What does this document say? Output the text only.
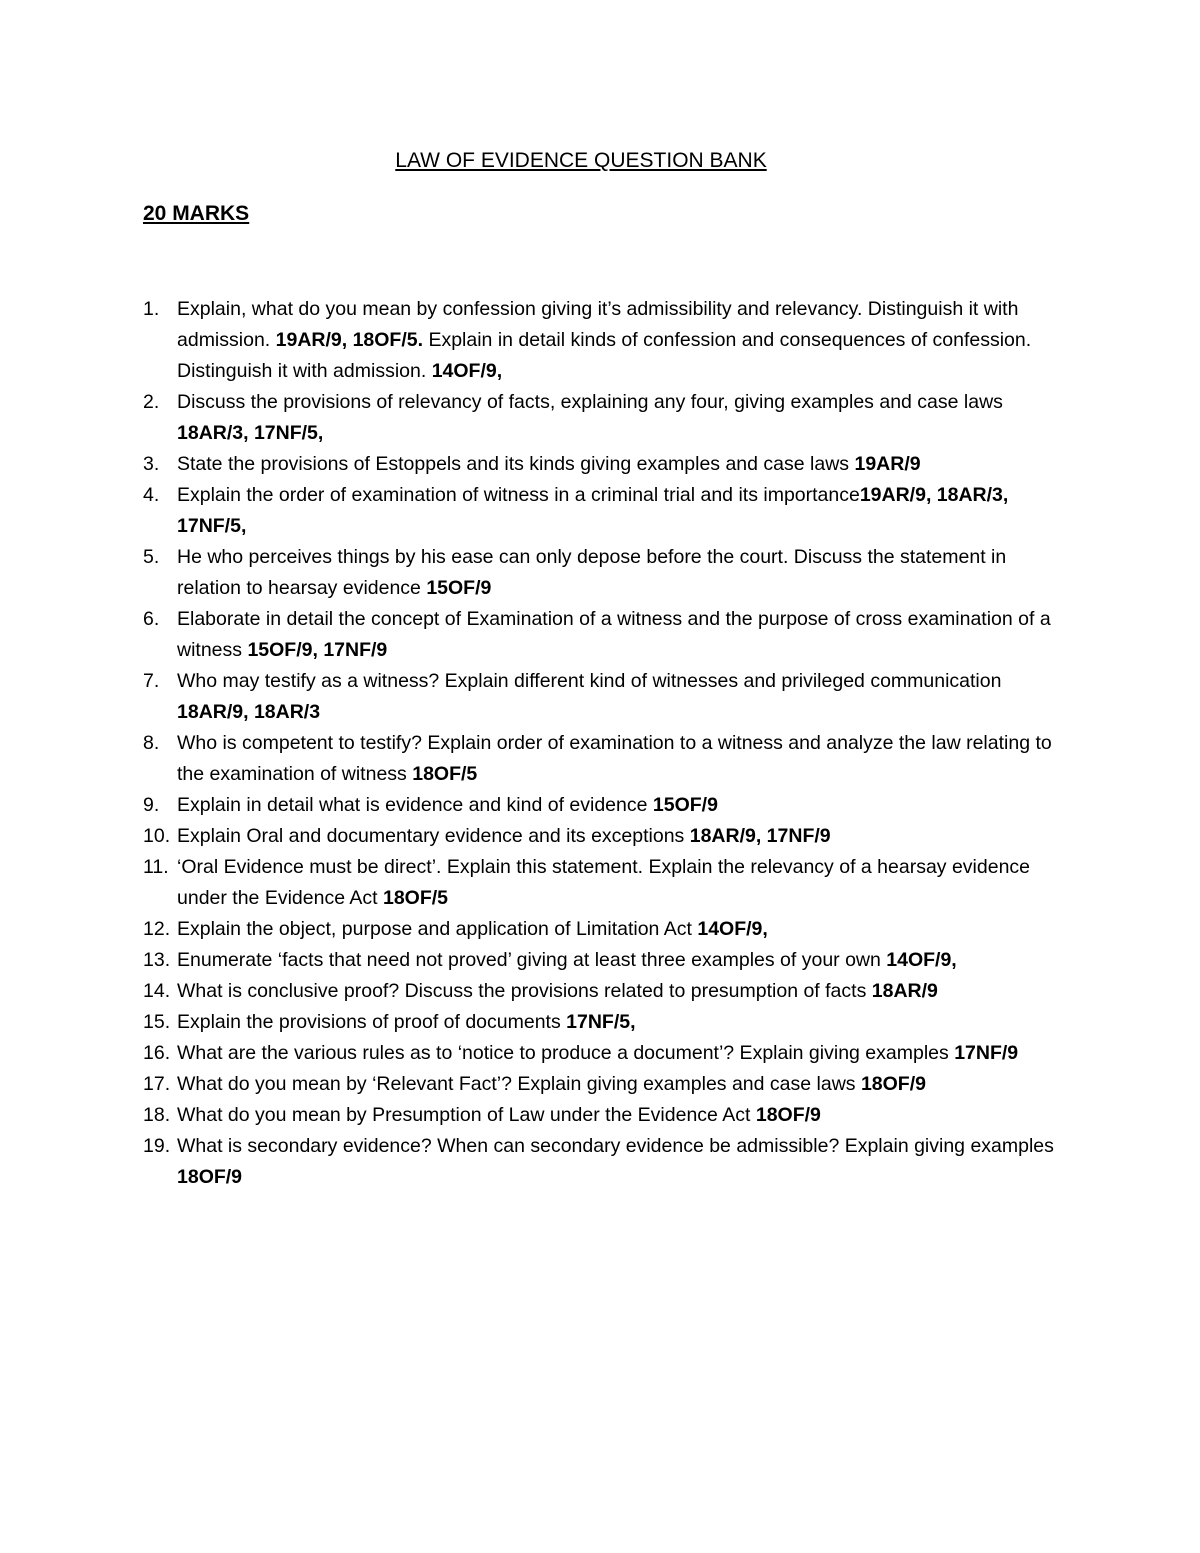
LAW OF EVIDENCE QUESTION BANK
20 MARKS
1. Explain, what do you mean by confession giving it’s admissibility and relevancy. Distinguish it with admission. 19AR/9, 18OF/5. Explain in detail kinds of confession and consequences of confession. Distinguish it with admission. 14OF/9,
2. Discuss the provisions of relevancy of facts, explaining any four, giving examples and case laws 18AR/3, 17NF/5,
3. State the provisions of Estoppels and its kinds giving examples and case laws 19AR/9
4. Explain the order of examination of witness in a criminal trial and its importance19AR/9, 18AR/3, 17NF/5,
5. He who perceives things by his ease can only depose before the court. Discuss the statement in relation to hearsay evidence 15OF/9
6. Elaborate in detail the concept of Examination of a witness and the purpose of cross examination of a witness 15OF/9, 17NF/9
7. Who may testify as a witness? Explain different kind of witnesses and privileged communication 18AR/9, 18AR/3
8. Who is competent to testify? Explain order of examination to a witness and analyze the law relating to the examination of witness 18OF/5
9. Explain in detail what is evidence and kind of evidence 15OF/9
10. Explain Oral and documentary evidence and its exceptions 18AR/9, 17NF/9
11. ‘Oral Evidence must be direct’. Explain this statement. Explain the relevancy of a hearsay evidence under the Evidence Act 18OF/5
12. Explain the object, purpose and application of Limitation Act 14OF/9,
13. Enumerate ‘facts that need not proved’ giving at least three examples of your own 14OF/9,
14. What is conclusive proof? Discuss the provisions related to presumption of facts 18AR/9
15. Explain the provisions of proof of documents 17NF/5,
16. What are the various rules as to ‘notice to produce a document’? Explain giving examples 17NF/9
17. What do you mean by ‘Relevant Fact’? Explain giving examples and case laws 18OF/9
18. What do you mean by Presumption of Law under the Evidence Act 18OF/9
19. What is secondary evidence? When can secondary evidence be admissible? Explain giving examples 18OF/9
